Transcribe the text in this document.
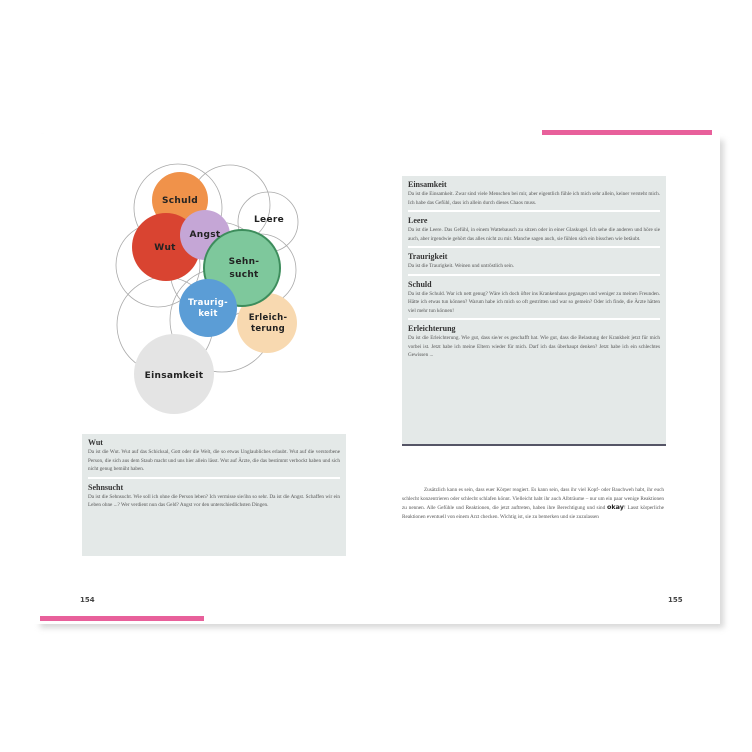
Schuld
Wut
Angst
Leere
Sehn-
sucht
Traurig-
keit	Erleich-
terung
Einsamkeit
Wut

Da ist die Wut. Wut auf das Schicksal, Gott oder die Welt, die so etwas Unglaubliches erlaubt. Wut auf die verstorbene Person, die sich aus dem Staub macht und uns hier allein lässt. Wut auf Ärzte, die das bestimmt verbockt haben und sich nicht genug bemüht haben.

Sehnsucht

Da ist die Sehnsucht. Wie soll ich ohne die Person leben? Ich vermisse sie/ihn so sehr. Da ist die Angst. Schaffen wir ein Leben ohne ...? Wer verdient nun das Geld? Angst vor den unterschiedlichsten Dingen.

Einsamkeit

Da ist die Einsamkeit. Zwar sind viele Menschen bei mir, aber eigentlich fühle ich mich sehr allein, keiner versteht mich. Ich habe das Gefühl, dass ich allein durch dieses Chaos muss.

Leere

Da ist die Leere. Das Gefühl, in einem Wattebausch zu sitzen oder in einer Glaskugel. Ich sehe die anderen und höre sie auch, aber irgendwie gehört das alles nicht zu mir. Manche sagen auch, sie fühlen sich ein bisschen wie betäubt.

Traurigkeit

Da ist die Traurigkeit. Weinen und untröstlich sein.

Schuld

Da ist die Schuld. War ich nett genug? Wäre ich doch öfter ins Krankenhaus gegangen und weniger zu meinen Freunden. Hätte ich etwas tun können? Warum habe ich mich so oft gestritten und war so gemein? Oder ich finde, die Ärzte hätten viel mehr tun können!

Erleichterung

Da ist die Erleichterung. Wie gut, dass sie/er es geschafft hat. Wie gut, dass die Belastung der Krankheit jetzt für mich vorbei ist. Jetzt habe ich meine Eltern wieder für mich. Darf ich das überhaupt denken? Jetzt habe ich ein schlechtes Gewissen ...

Zusätzlich kann es sein, dass euer Körper reagiert. Es kann sein, dass ihr viel Kopf- oder Bauchweh habt, ihr euch schlecht konzentrieren oder schlecht schlafen könnt. Vielleicht habt ihr auch Albträume – nur um ein paar wenige Reaktionen zu nennen. Alle Gefühle und Reaktionen, die jetzt auftreten, haben ihre Berechtigung und sind okay! Lasst körperliche Reaktionen eventuell von einem Arzt checken. Wichtig ist, sie zu bemerken und sie zuzulassen

154	155
